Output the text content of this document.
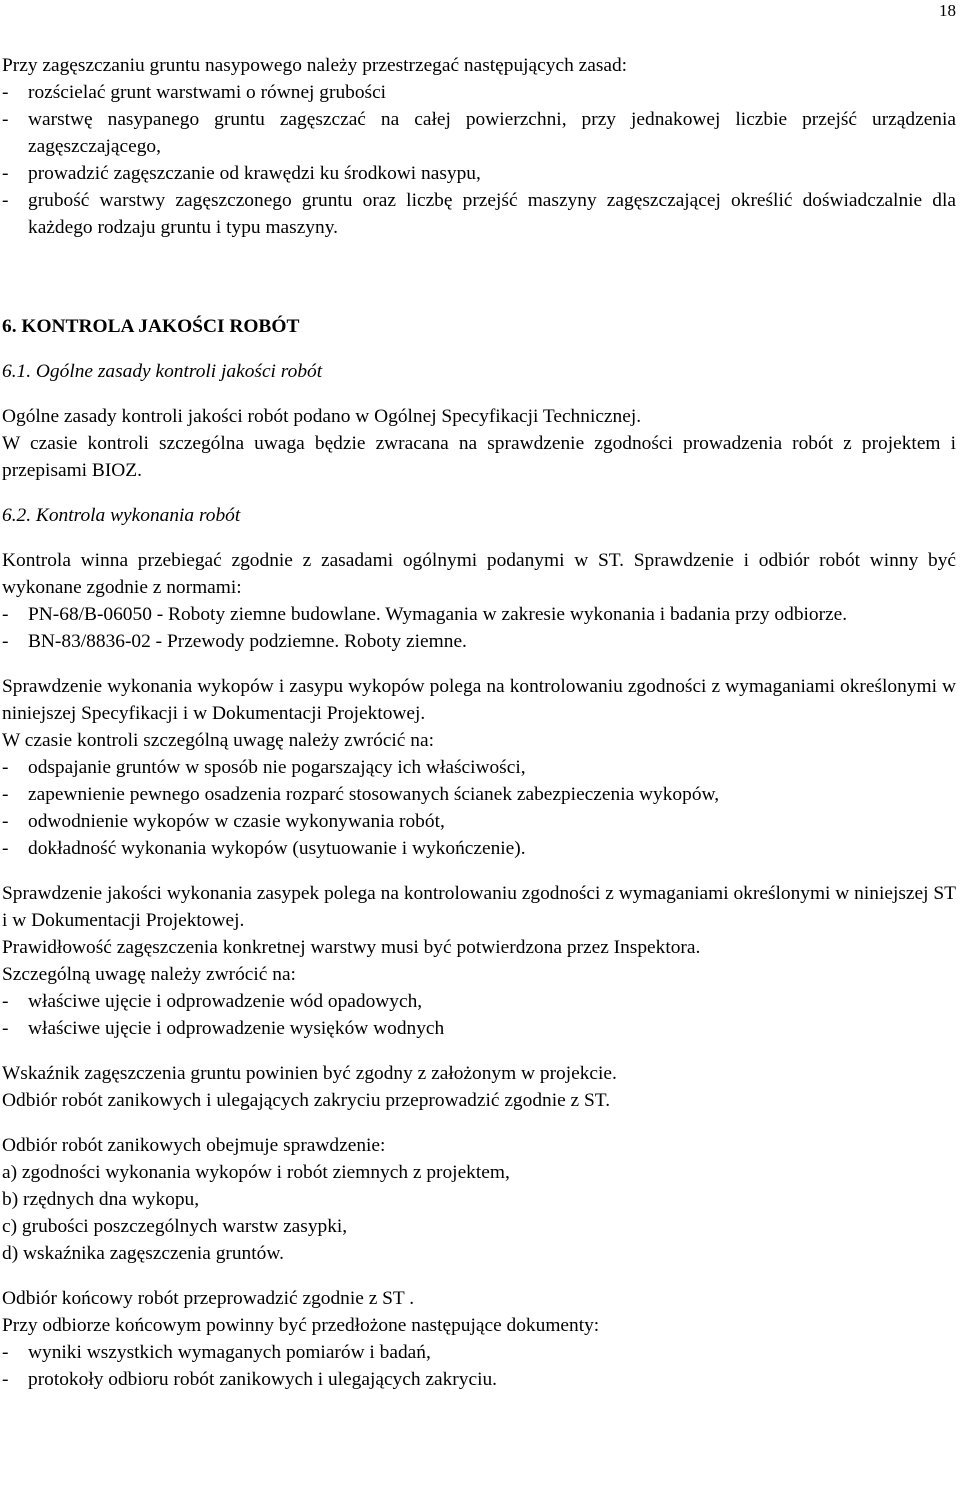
18

Przy zagęszczaniu gruntu nasypowego należy przestrzegać następujących zasad:

-	rozścielać grunt warstwami o równej grubości
-	warstwę nasypanego gruntu zagęszczać na całej powierzchni, przy jednakowej liczbie przejść urządzenia zagęszczającego,
-	prowadzić zagęszczanie od krawędzi ku środkowi nasypu,
-	grubość warstwy zagęszczonego gruntu oraz liczbę przejść maszyny zagęszczającej określić doświadczalnie dla każdego rodzaju gruntu i typu maszyny.
6. KONTROLA JAKOŚCI ROBÓT
6.1. Ogólne zasady kontroli jakości robót

Ogólne zasady kontroli jakości robót podano w Ogólnej Specyfikacji Technicznej.

W czasie kontroli szczególna uwaga będzie zwracana na sprawdzenie zgodności prowadzenia robót z projektem i przepisami BIOZ.

6.2. Kontrola wykonania robót

Kontrola winna przebiegać zgodnie z zasadami ogólnymi podanymi w ST. Sprawdzenie i odbiór robót winny być wykonane zgodnie z normami:

-	PN-68/B-06050 - Roboty ziemne budowlane. Wymagania w zakresie wykonania i badania przy odbiorze.
-	BN-83/8836-02 - Przewody podziemne. Roboty ziemne.

Sprawdzenie wykonania wykopów i zasypu wykopów polega na kontrolowaniu zgodności z wymaganiami określonymi w niniejszej Specyfikacji i w Dokumentacji Projektowej.

W czasie kontroli szczególną uwagę należy zwrócić na:

-	odspajanie gruntów w sposób nie pogarszający ich właściwości,
-	zapewnienie pewnego osadzenia rozparć stosowanych ścianek zabezpieczenia wykopów,
-	odwodnienie wykopów w czasie wykonywania robót,
-	dokładność wykonania wykopów (usytuowanie i wykończenie).

Sprawdzenie jakości wykonania zasypek polega na kontrolowaniu zgodności z wymaganiami określonymi w niniejszej ST i w Dokumentacji Projektowej.

Prawidłowość zagęszczenia konkretnej warstwy musi być potwierdzona przez Inspektora.

Szczególną uwagę należy zwrócić na:

-	właściwe ujęcie i odprowadzenie wód opadowych,
-	właściwe ujęcie i odprowadzenie wysięków wodnych

Wskaźnik zagęszczenia gruntu powinien być zgodny z założonym w projekcie.

Odbiór robót zanikowych i ulegających zakryciu przeprowadzić zgodnie z ST.

Odbiór robót zanikowych obejmuje sprawdzenie:

a) zgodności wykonania wykopów i robót ziemnych z projektem,

b) rzędnych dna wykopu,

c) grubości poszczególnych warstw zasypki,

d) wskaźnika zagęszczenia gruntów.

Odbiór końcowy robót przeprowadzić zgodnie z ST .

Przy odbiorze końcowym powinny być przedłożone następujące dokumenty:

-	wyniki wszystkich wymaganych pomiarów i badań,
-	protokoły odbioru robót zanikowych i ulegających zakryciu.
